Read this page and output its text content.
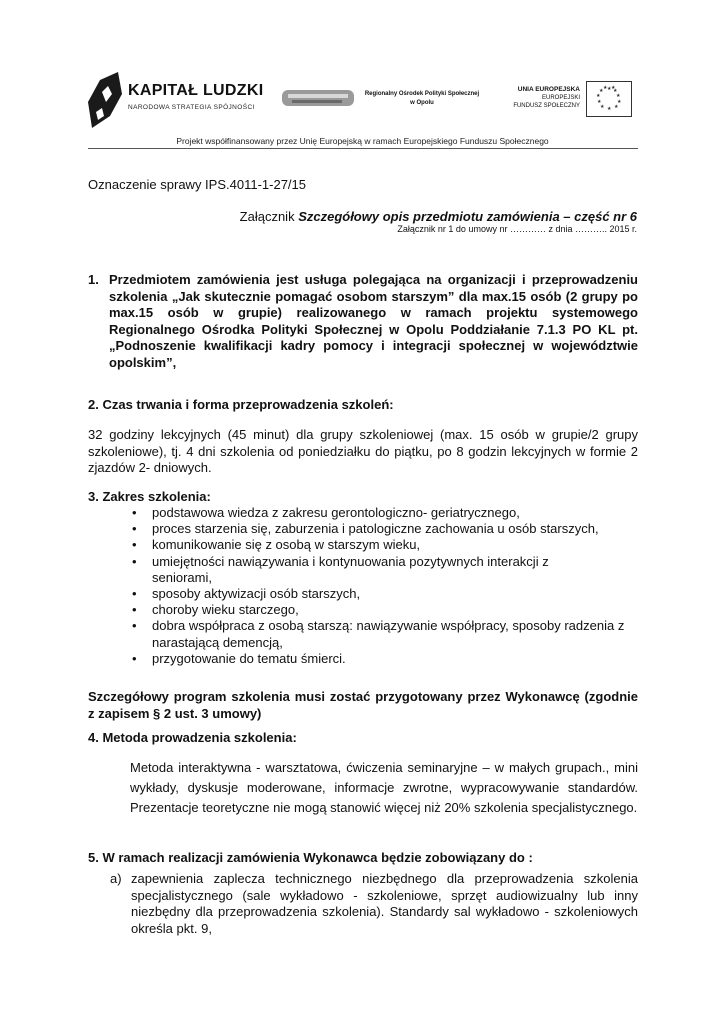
KAPITAŁ LUDZKI
NARODOWA STRATEGIA SPÓJNOŚCI
Regionalny Ośrodek Polityki Społecznej w Opolu
UNIA EUROPEJSKA
EUROPEJSKI
FUNDUSZ SPOŁECZNY
★ ★
★
★
★
★
★
★
★
★ ★ ★
Projekt współfinansowany przez Unię Europejską w ramach Europejskiego Funduszu Społecznego
Oznaczenie sprawy IPS.4011-1-27/15
Załącznik Szczegółowy opis przedmiotu zamówienia – część nr 6
Załącznik nr 1 do umowy nr ………… z dnia ……….. 2015 r.
1. Przedmiotem zamówienia jest usługa polegająca na organizacji i przeprowadzeniu szkolenia „Jak skutecznie pomagać osobom starszym” dla max.15 osób (2 grupy po max.15 osób w grupie) realizowanego w ramach projektu systemowego Regionalnego Ośrodka Polityki Społecznej w Opolu Poddziałanie 7.1.3 PO KL pt. „Podnoszenie kwalifikacji kadry pomocy i integracji społecznej w województwie opolskim”,
2. Czas trwania i forma przeprowadzenia szkoleń:
32 godziny lekcyjnych (45 minut) dla grupy szkoleniowej (max. 15 osób w grupie/2 grupy szkoleniowe), tj. 4 dni szkolenia od poniedziałku do piątku, po 8 godzin lekcyjnych w formie 2 zjazdów 2- dniowych.
3. Zakres szkolenia:
• podstawowa wiedza z zakresu gerontologiczno- geriatrycznego,
• proces starzenia się, zaburzenia i patologiczne zachowania u osób starszych,
• komunikowanie się z osobą w starszym wieku,
• umiejętności nawiązywania i kontynuowania pozytywnych interakcji z seniorami,
• sposoby aktywizacji osób starszych,
• choroby wieku starczego,
• dobra współpraca z osobą starszą: nawiązywanie współpracy, sposoby radzenia z narastającą demencją,
• przygotowanie do tematu śmierci.
Szczegółowy program szkolenia musi zostać przygotowany przez Wykonawcę (zgodnie z zapisem § 2 ust. 3 umowy)
4. Metoda prowadzenia szkolenia:
Metoda interaktywna - warsztatowa, ćwiczenia seminaryjne – w małych grupach., mini wykłady, dyskusje moderowane, informacje zwrotne, wypracowywanie standardów. Prezentacje teoretyczne nie mogą stanowić więcej niż 20% szkolenia specjalistycznego.
5. W ramach realizacji zamówienia Wykonawca będzie zobowiązany do :
a) zapewnienia zaplecza technicznego niezbędnego dla przeprowadzenia szkolenia specjalistycznego (sale wykładowo - szkoleniowe, sprzęt audiowizualny lub inny niezbędny dla przeprowadzenia szkolenia). Standardy sal wykładowo - szkoleniowych określa pkt. 9,
